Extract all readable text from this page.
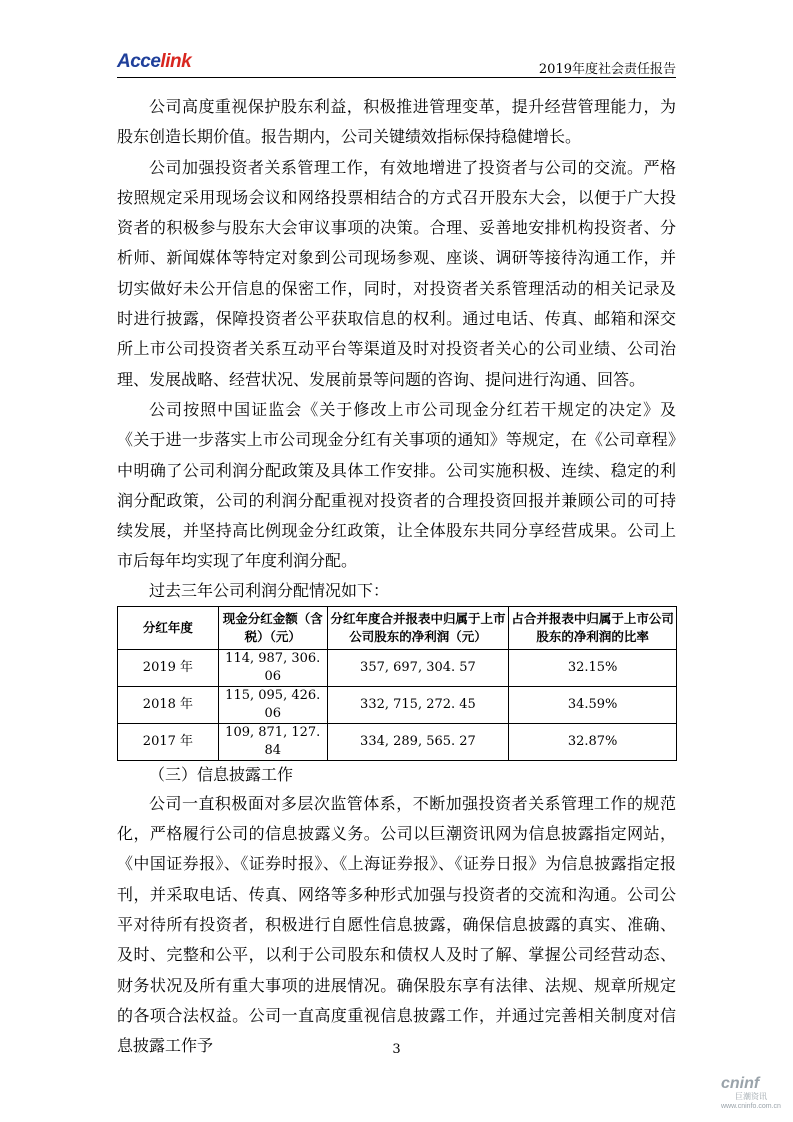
Accelink	2019年度社会责任报告

公司高度重视保护股东利益，积极推进管理变革，提升经营管理能力，为股东创造长期价值。报告期内，公司关键绩效指标保持稳健增长。

公司加强投资者关系管理工作，有效地增进了投资者与公司的交流。严格按照规定采用现场会议和网络投票相结合的方式召开股东大会，以便于广大投资者的积极参与股东大会审议事项的决策。合理、妥善地安排机构投资者、分析师、新闻媒体等特定对象到公司现场参观、座谈、调研等接待沟通工作，并切实做好未公开信息的保密工作，同时，对投资者关系管理活动的相关记录及时进行披露，保障投资者公平获取信息的权利。通过电话、传真、邮箱和深交所上市公司投资者关系互动平台等渠道及时对投资者关心的公司业绩、公司治理、发展战略、经营状况、发展前景等问题的咨询、提问进行沟通、回答。

公司按照中国证监会《关于修改上市公司现金分红若干规定的决定》及《关于进一步落实上市公司现金分红有关事项的通知》等规定，在《公司章程》中明确了公司利润分配政策及具体工作安排。公司实施积极、连续、稳定的利润分配政策，公司的利润分配重视对投资者的合理投资回报并兼顾公司的可持续发展，并坚持高比例现金分红政策，让全体股东共同分享经营成果。公司上市后每年均实现了年度利润分配。

过去三年公司利润分配情况如下：

分红年度	现金分红金额（含税）（元）	分红年度合并报表中归属于上市公司股东的净利润（元）	占合并报表中归属于上市公司股东的净利润的比率
2019 年	114, 987, 306. 06	357, 697, 304. 57	32.15%
2018 年	115, 095, 426. 06	332, 715, 272. 45	34.59%
2017 年	109, 871, 127. 84	334, 289, 565. 27	32.87%

（三）信息披露工作

公司一直积极面对多层次监管体系，不断加强投资者关系管理工作的规范化，严格履行公司的信息披露义务。公司以巨潮资讯网为信息披露指定网站，《中国证券报》、《证券时报》、《上海证券报》、《证券日报》为信息披露指定报刊，并采取电话、传真、网络等多种形式加强与投资者的交流和沟通。公司公平对待所有投资者，积极进行自愿性信息披露，确保信息披露的真实、准确、及时、完整和公平，以利于公司股东和债权人及时了解、掌握公司经营动态、财务状况及所有重大事项的进展情况。确保股东享有法律、法规、规章所规定的各项合法权益。公司一直高度重视信息披露工作，并通过完善相关制度对信息披露工作予	3
cninf
巨潮资讯
www.cninfo.com.cn
